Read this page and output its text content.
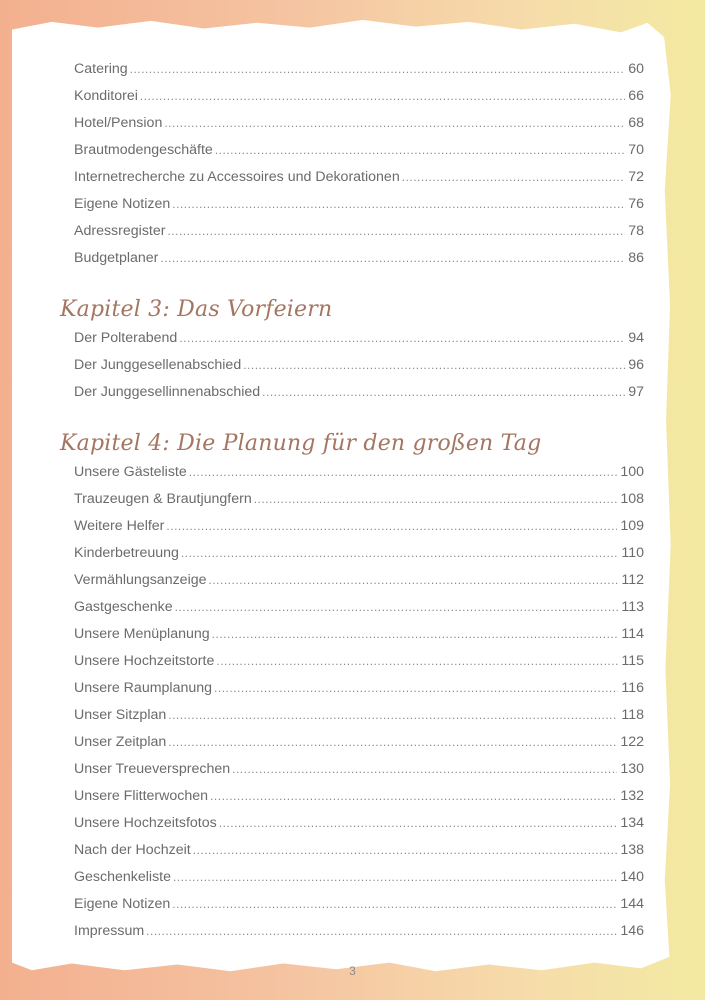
Catering .....	60
Konditorei .....	66
Hotel/Pension .....	68
Brautmodengeschäfte .....	70
Internetrecherche zu Accessoires und Dekorationen .....	72
Eigene Notizen .....	76
Adressregister .....	78
Budgetplaner .....	86
Kapitel 3: Das Vorfeiern
Der Polterabend .....	94
Der Junggesellenabschied .....	96
Der Junggesellinnenabschied .....	97
Kapitel 4: Die Planung für den großen Tag
Unsere Gästeliste .....	100
Trauzeugen & Brautjungfern .....	108
Weitere Helfer .....	109
Kinderbetreuung .....	110
Vermählungsanzeige .....	112
Gastgeschenke .....	113
Unsere Menüplanung .....	114
Unsere Hochzeitstorte .....	115
Unsere Raumplanung .....	116
Unser Sitzplan .....	118
Unser Zeitplan .....	122
Unser Treueversprechen .....	130
Unsere Flitterwochen .....	132
Unsere Hochzeitsfotos .....	134
Nach der Hochzeit .....	138
Geschenkeliste .....	140
Eigene Notizen .....	144
Impressum .....	146
3
